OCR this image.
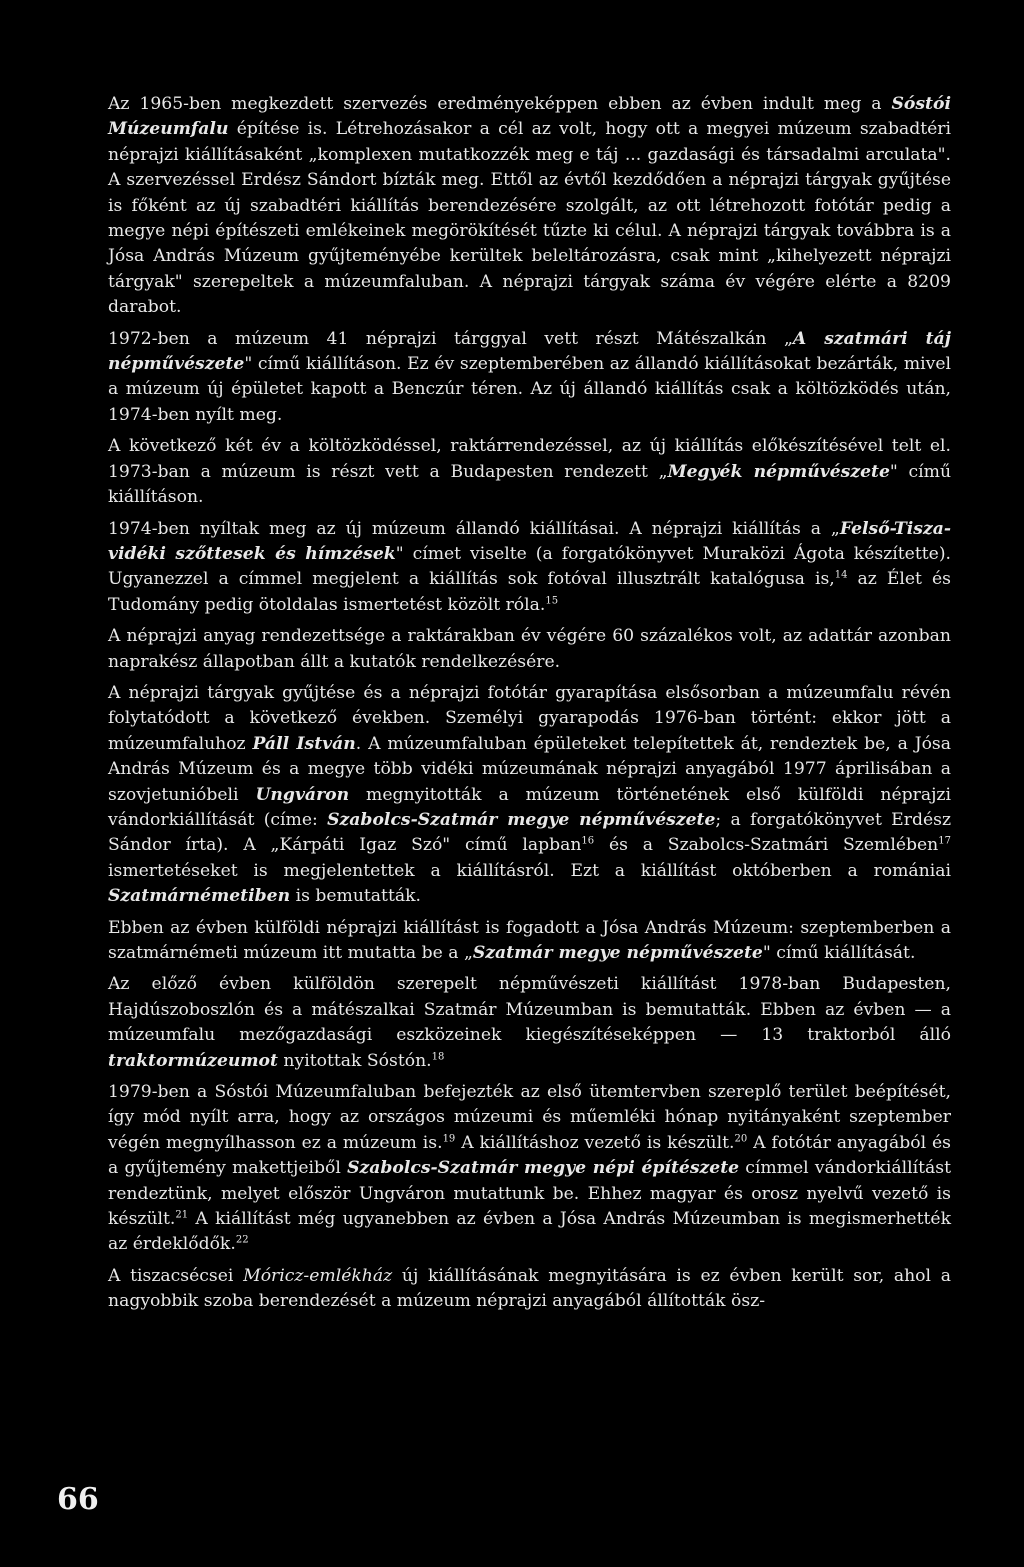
Az 1965-ben megkezdett szervezés eredményeképpen ebben az évben indult meg a Sóstói Múzeumfalu építése is. Létrehozásakor a cél az volt, hogy ott a megyei múzeum szabadtéri néprajzi kiállításaként „komplexen mutatkozzék meg e táj ... gazdasági és társadalmi arculata". A szervezéssel Erdész Sándort bízták meg. Ettől az évtől kezdődően a néprajzi tárgyak gyűjtése is főként az új szabadtéri kiállítás berendezésére szolgált, az ott létrehozott fotótár pedig a megye népi építészeti emlékeinek megörökítését tűzte ki célul. A néprajzi tárgyak továbbra is a Jósa András Múzeum gyűjteményébe kerültek beleltározásra, csak mint „kihelyezett néprajzi tárgyak" szerepeltek a múzeumfaluban. A néprajzi tárgyak száma év végére elérte a 8209 darabot.

1972-ben a múzeum 41 néprajzi tárggyal vett részt Mátészalkán „A szatmári táj népművészete" című kiállításon. Ez év szeptemberében az állandó kiállításokat bezárták, mivel a múzeum új épületet kapott a Benczúr téren. Az új állandó kiállítás csak a költözködés után, 1974-ben nyílt meg.

A következő két év a költözködéssel, raktárrendezéssel, az új kiállítás előkészítésével telt el. 1973-ban a múzeum is részt vett a Budapesten rendezett „Megyék népművészete" című kiállításon.

1974-ben nyíltak meg az új múzeum állandó kiállításai. A néprajzi kiállítás a „Felső-Tisza-vidéki szőttesek és hímzések" címet viselte (a forgatókönyvet Muraközi Ágota készítette). Ugyanezzel a címmel megjelent a kiállítás sok fotóval illusztrált katalógusa is,$^{14}$ az Élet és Tudomány pedig ötoldalas ismertetést közölt róla.$^{15}$

A néprajzi anyag rendezettsége a raktárakban év végére 60 százalékos volt, az adattár azonban naprakész állapotban állt a kutatók rendelkezésére.

A néprajzi tárgyak gyűjtése és a néprajzi fotótár gyarapítása elsősorban a múzeumfalu révén folytatódott a következő években. Személyi gyarapodás 1976-ban történt: ekkor jött a múzeumfaluhoz Páll István. A múzeumfaluban épületeket telepítettek át, rendeztek be, a Jósa András Múzeum és a megye több vidéki múzeumának néprajzi anyagából 1977 áprilisában a szovjetunióbeli Ungváron megnyitották a múzeum történetének első külföldi néprajzi vándorkiállítását (címe: Szabolcs-Szatmár megye népművészete; a forgatókönyvet Erdész Sándor írta). A „Kárpáti Igaz Szó" című lapban$^{16}$ és a Szabolcs-Szatmári Szemlében$^{17}$ ismertetéseket is megjelentettek a kiállításról. Ezt a kiállítást októberben a romániai Szatmárnémetiben is bemutatták.

Ebben az évben külföldi néprajzi kiállítást is fogadott a Jósa András Múzeum: szeptemberben a szatmárnémeti múzeum itt mutatta be a „Szatmár megye népművészete" című kiállítását.

Az előző évben külföldön szerepelt népművészeti kiállítást 1978-ban Budapesten, Hajdúszoboszlón és a mátészalkai Szatmár Múzeumban is bemutatták. Ebben az évben — a múzeumfalu mezőgazdasági eszközeinek kiegészítéseképpen — 13 traktorból álló traktormúzeumot nyitottak Sóstón.$^{18}$

1979-ben a Sóstói Múzeumfaluban befejezték az első ütemtervben szereplő terület beépítését, így mód nyílt arra, hogy az országos múzeumi és műemléki hónap nyitányaként szeptember végén megnyílhasson ez a múzeum is.$^{19}$ A kiállításhoz vezető is készült.$^{20}$ A fotótár anyagából és a gyűjtemény makettjeiből Szabolcs-Szatmár megye népi építészete címmel vándorkiállítást rendeztünk, melyet először Ungváron mutattunk be. Ehhez magyar és orosz nyelvű vezető is készült.$^{21}$ A kiállítást még ugyanebben az évben a Jósa András Múzeumban is megismerhették az érdeklődők.$^{22}$

A tiszacsécsei Móricz-emlékház új kiállításának megnyitására is ez évben került sor, ahol a nagyobbik szoba berendezését a múzeum néprajzi anyagából állították ösz-

66
